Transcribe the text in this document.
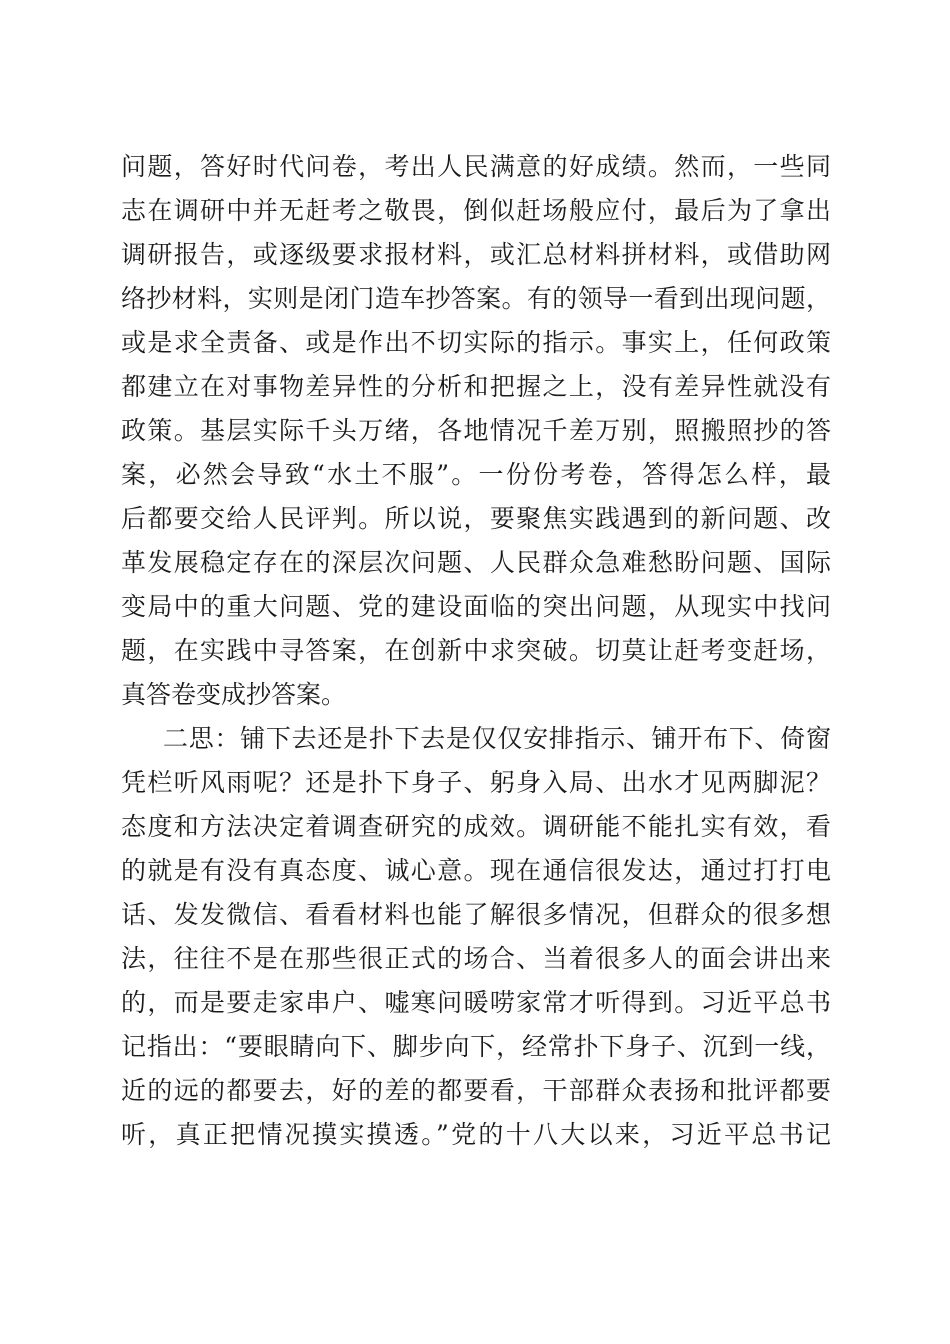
问题，答好时代问卷，考出人民满意的好成绩。然而，一些同
志在调研中并无赶考之敬畏，倒似赶场般应付，最后为了拿出
调研报告，或逐级要求报材料，或汇总材料拼材料，或借助网
络抄材料，实则是闭门造车抄答案。有的领导一看到出现问题，
或是求全责备、或是作出不切实际的指示。事实上，任何政策
都建立在对事物差异性的分析和把握之上，没有差异性就没有
政策。基层实际千头万绪，各地情况千差万别，照搬照抄的答
案，必然会导致“水土不服”。一份份考卷，答得怎么样，最
后都要交给人民评判。所以说，要聚焦实践遇到的新问题、改
革发展稳定存在的深层次问题、人民群众急难愁盼问题、国际
变局中的重大问题、党的建设面临的突出问题，从现实中找问
题，在实践中寻答案，在创新中求突破。切莫让赶考变赶场，
真答卷变成抄答案。
二思：铺下去还是扑下去是仅仅安排指示、铺开布下、倚窗
凭栏听风雨呢？还是扑下身子、躬身入局、出水才见两脚泥？
态度和方法决定着调查研究的成效。调研能不能扎实有效，看
的就是有没有真态度、诚心意。现在通信很发达，通过打打电
话、发发微信、看看材料也能了解很多情况，但群众的很多想
法，往往不是在那些很正式的场合、当着很多人的面会讲出来
的，而是要走家串户、嘘寒问暖唠家常才听得到。习近平总书
记指出：“要眼睛向下、脚步向下，经常扑下身子、沉到一线，
近的远的都要去，好的差的都要看，干部群众表扬和批评都要
听，真正把情况摸实摸透。”党的十八大以来，习近平总书记
